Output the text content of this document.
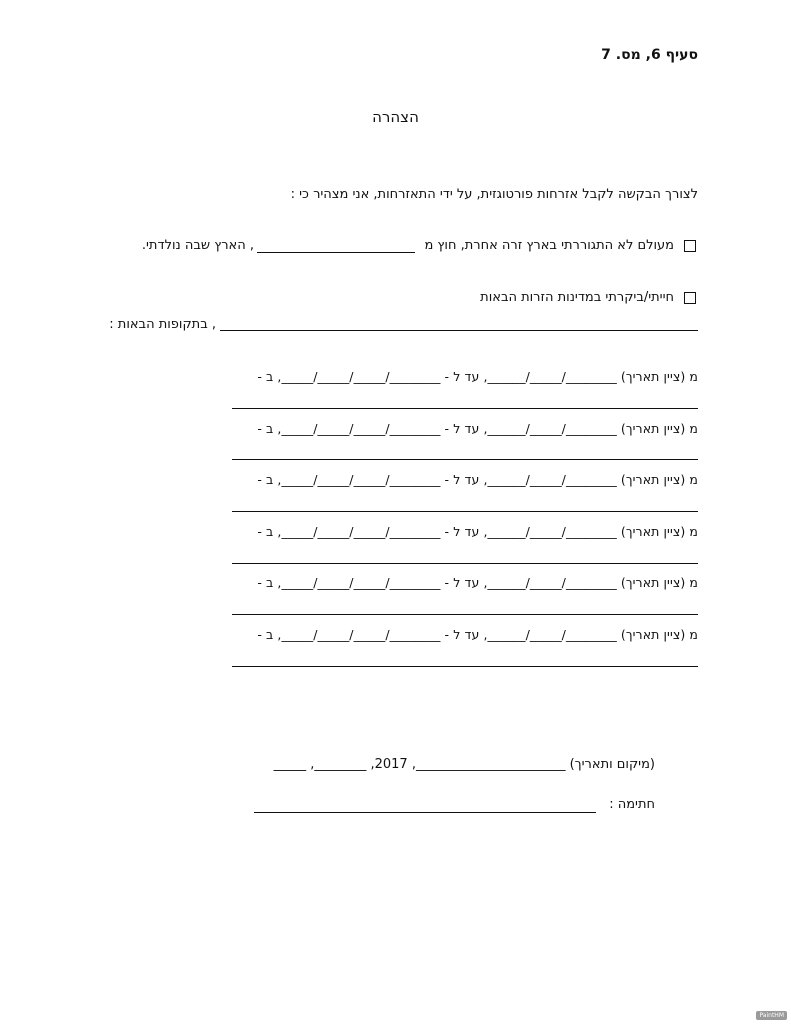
סעיף 6, מס. 7
הצהרה
לצורך הבקשה לקבל אזרחות פורטוגזית, על ידי התאזרחות, אני מצהיר כי :
מעולם לא התגוררתי בארץ זרה אחרת, חוץ מ
, הארץ שבה נולדתי.
חייתי/ביקרתי במדינות הזרות הבאות
, בתקופות הבאות :
מ (ציין תאריך) ________/_____/______, עד ל - ________/_____/_____/_____, ב -
מ (ציין תאריך) ________/_____/______, עד ל - ________/_____/_____/_____, ב -
מ (ציין תאריך) ________/_____/______, עד ל - ________/_____/_____/_____, ב -
מ (ציין תאריך) ________/_____/______, עד ל - ________/_____/_____/_____, ב -
מ (ציין תאריך) ________/_____/______, עד ל - ________/_____/_____/_____, ב -
מ (ציין תאריך) ________/_____/______, עד ל - ________/_____/_____/_____, ב -
(מיקום ותאריך) _______________________, 2017, ________, _____
חתימה :
PaintHM
